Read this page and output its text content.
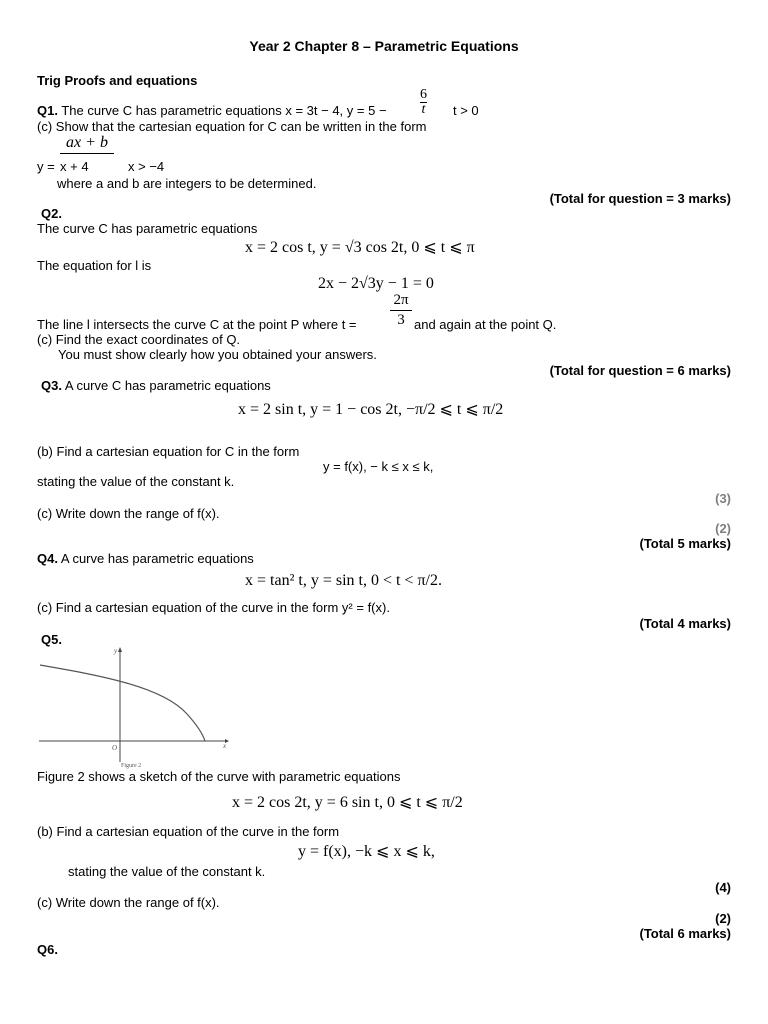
Year 2 Chapter 8 – Parametric Equations
Trig Proofs and equations
Q1. The curve C has parametric equations x = 3t − 4, $y = 5 - \frac{6}{t}$ t > 0
(c) Show that the cartesian equation for C can be written in the form
y =
ax + b
x + 4	x > −4
where a and b are integers to be determined.
(Total for question = 3 marks)
Q2.
The curve C has parametric equations
x = 2 cos t, y = √3 cos 2t, 0 ⩽ t ⩽ π
The equation for l is
2x − 2√3y − 1 = 0
The line l intersects the curve C at the point P where $t = \frac{2\pi}{3}$ and again at the point Q.
(c) Find the exact coordinates of Q.
You must show clearly how you obtained your answers.
(Total for question = 6 marks)
Q3. A curve C has parametric equations
x = 2 sin t, y = 1 − cos 2t, −π/2 ⩽ t ⩽ π/2
(b) Find a cartesian equation for C in the form
y = f(x), − k ≤ x ≤ k,
stating the value of the constant k.
(3)
(c) Write down the range of f(x).
(2)
(Total 5 marks)
Q4. A curve has parametric equations
x = tan² t, y = sin t, 0 < t < π/2.
(c) Find a cartesian equation of the curve in the form y² = f(x).
(Total 4 marks)
Q5.
y
x
O
Figure 2
Figure 2 shows a sketch of the curve with parametric equations
x = 2 cos 2t, y = 6 sin t, 0 ⩽ t ⩽ π/2
(b) Find a cartesian equation of the curve in the form
y = f(x), −k ⩽ x ⩽ k,
stating the value of the constant k.
(4)
(c) Write down the range of f(x).
(2)
(Total 6 marks)
Q6.
